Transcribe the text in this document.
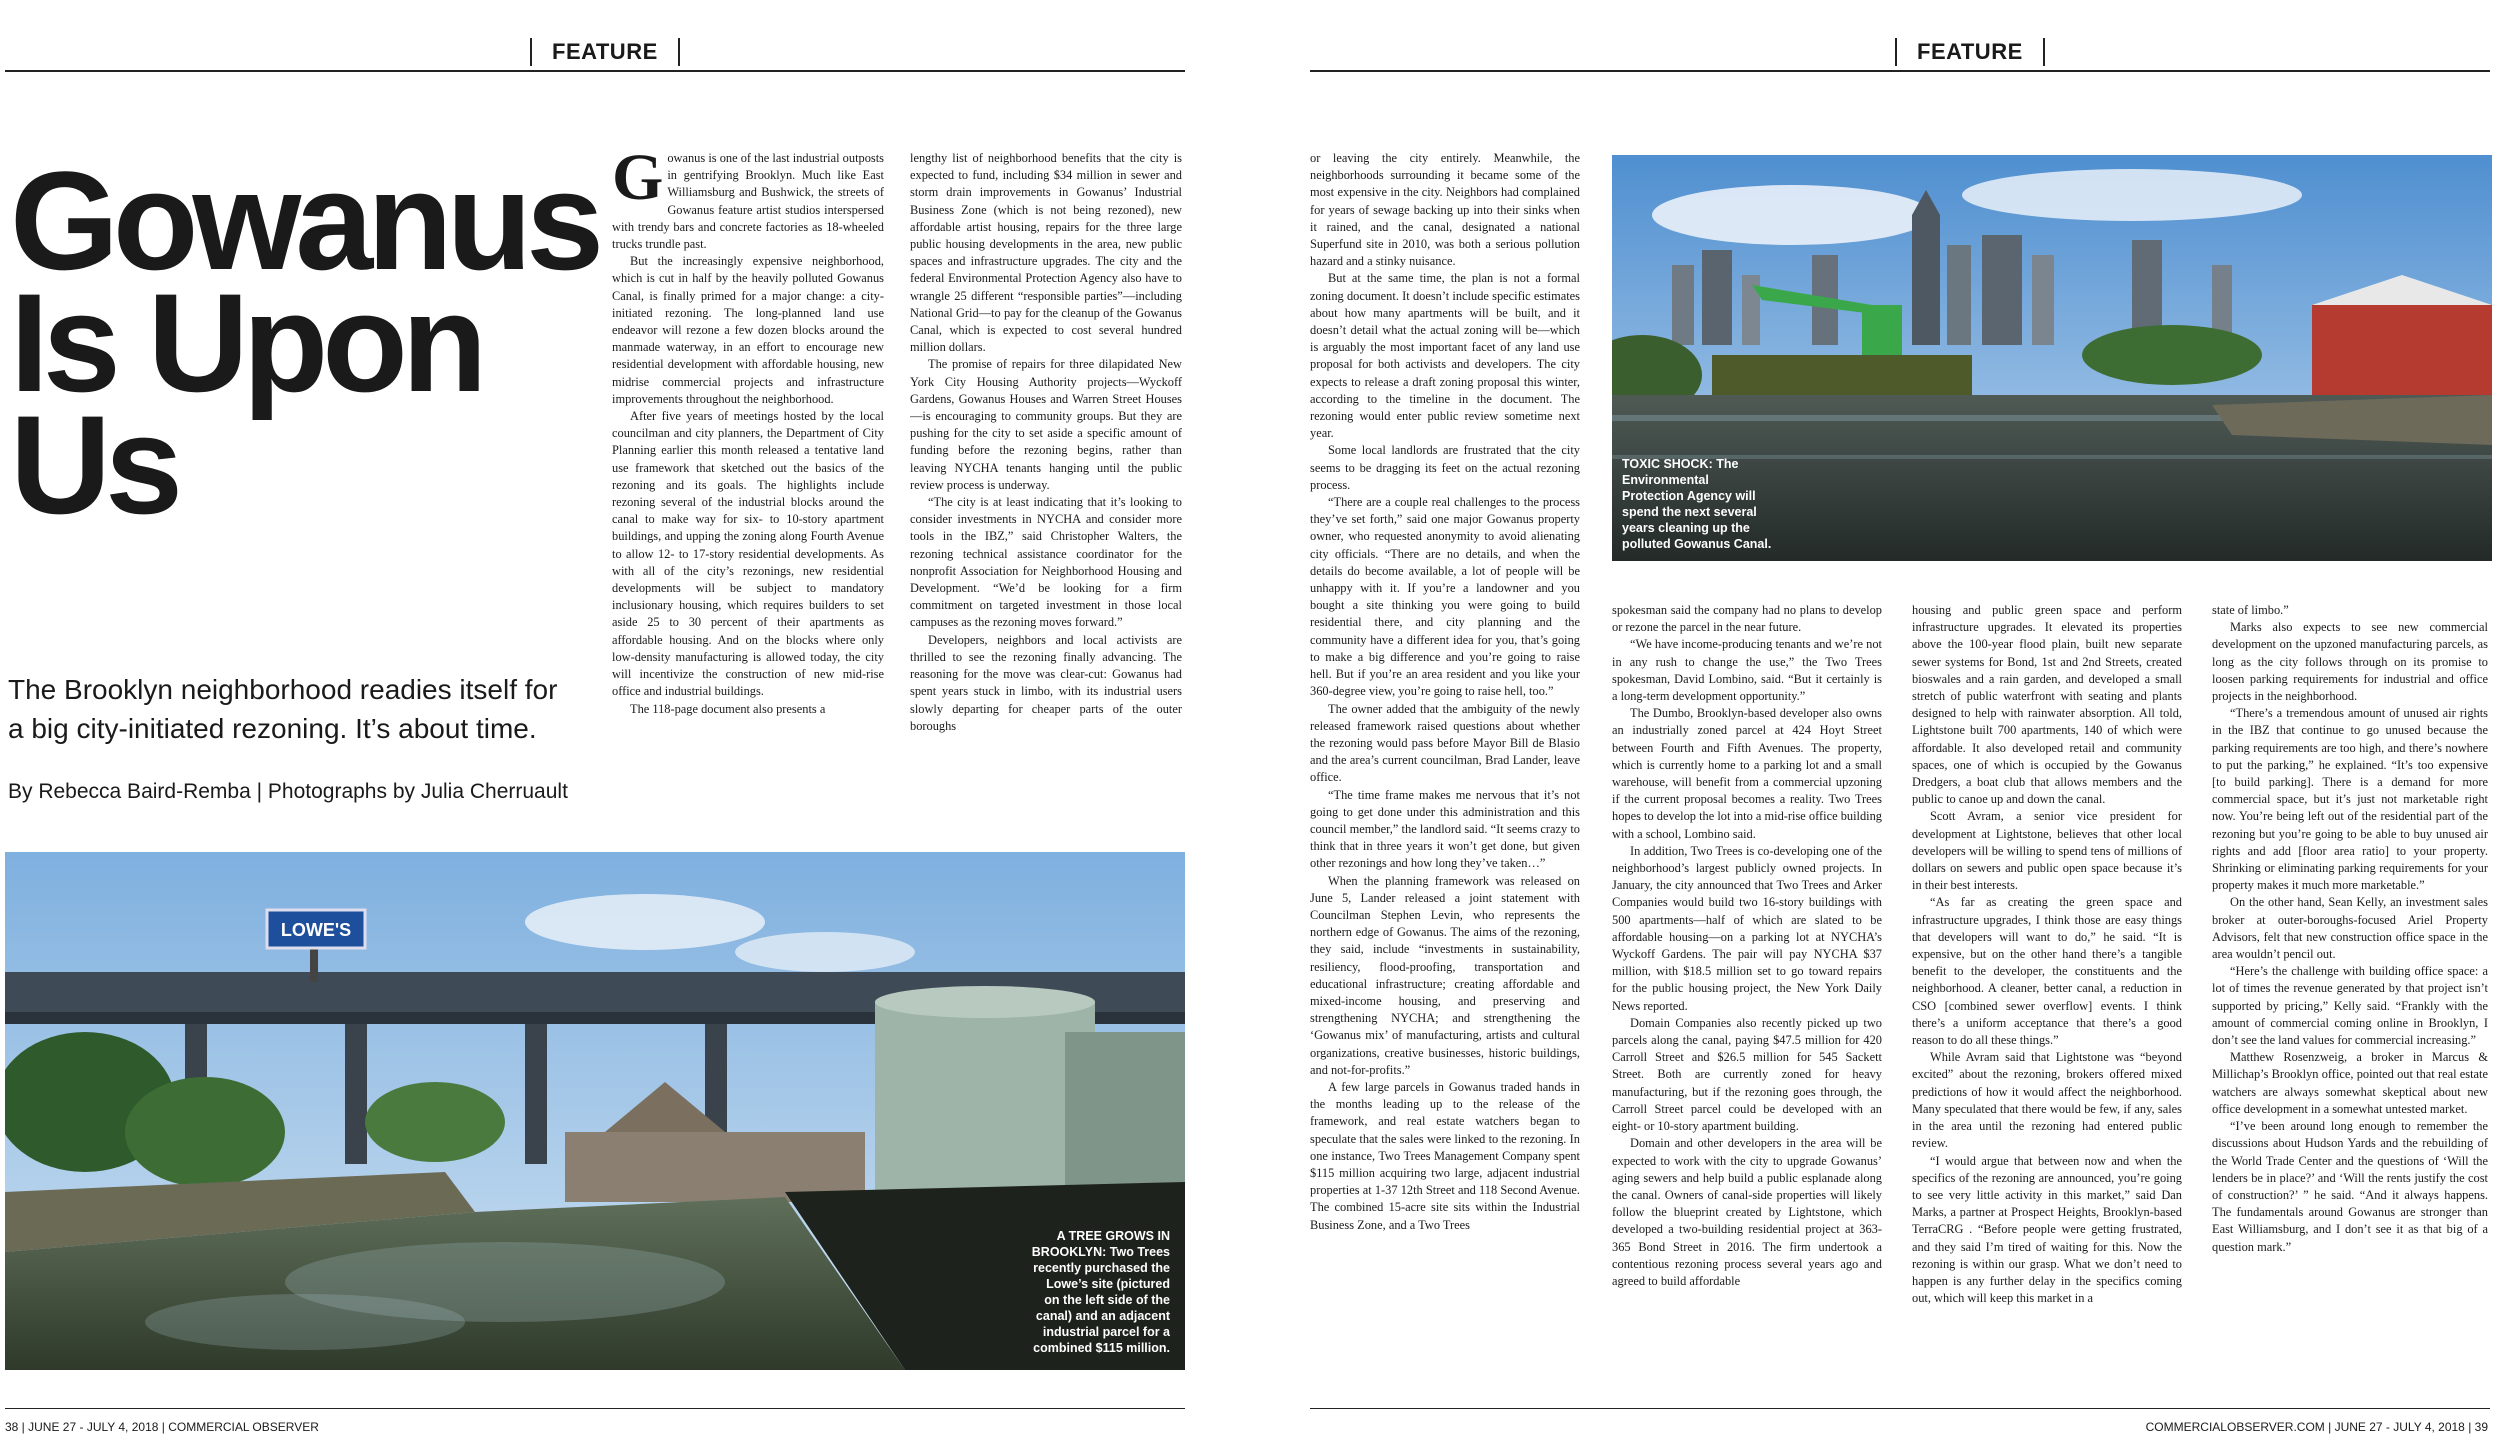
FEATURE
Gowanus
Is Upon
Us
The Brooklyn neighborhood readies itself for a big city-initiated rezoning. It’s about time.
By Rebecca Baird-Remba | Photographs by Julia Cherruault

Gowanus is one of the last industrial outposts in gentrifying Brooklyn. Much like East Williamsburg and Bushwick, the streets of Gowanus feature artist studios interspersed with trendy bars and concrete factories as 18-wheeled trucks trundle past.

But the increasingly expensive neighborhood, which is cut in half by the heavily polluted Gowanus Canal, is finally primed for a major change: a city-initiated rezoning. The long-planned land use endeavor will rezone a few dozen blocks around the manmade waterway, in an effort to encourage new residential development with affordable housing, new midrise commercial projects and infrastructure improvements throughout the neighborhood.

After five years of meetings hosted by the local councilman and city planners, the Department of City Planning earlier this month released a tentative land use framework that sketched out the basics of the rezoning and its goals. The highlights include rezoning several of the industrial blocks around the canal to make way for six- to 10-story apartment buildings, and upping the zoning along Fourth Avenue to allow 12- to 17-story residential developments. As with all of the city’s rezonings, new residential developments will be subject to mandatory inclusionary housing, which requires builders to set aside 25 to 30 percent of their apartments as affordable housing. And on the blocks where only low-density manufacturing is allowed today, the city will incentivize the construction of new mid-rise office and industrial buildings.

The 118-page document also presents a

lengthy list of neighborhood benefits that the city is expected to fund, including $34 million in sewer and storm drain improvements in Gowanus’ Industrial Business Zone (which is not being rezoned), new affordable artist housing, repairs for the three large public housing developments in the area, new public spaces and infrastructure upgrades. The city and the federal Environmental Protection Agency also have to wrangle 25 different “responsible parties”—including National Grid—to pay for the cleanup of the Gowanus Canal, which is expected to cost several hundred million dollars.

The promise of repairs for three dilapidated New York City Housing Authority projects—Wyckoff Gardens, Gowanus Houses and Warren Street Houses—is encouraging to community groups. But they are pushing for the city to set aside a specific amount of funding before the rezoning begins, rather than leaving NYCHA tenants hanging until the public review process is underway.

“The city is at least indicating that it’s looking to consider investments in NYCHA and consider more tools in the IBZ,” said Christopher Walters, the rezoning technical assistance coordinator for the nonprofit Association for Neighborhood Housing and Development. “We’d be looking for a firm commitment on targeted investment in those local campuses as the rezoning moves forward.”

Developers, neighbors and local activists are thrilled to see the rezoning finally advancing. The reasoning for the move was clear-cut: Gowanus had spent years stuck in limbo, with its industrial users slowly departing for cheaper parts of the outer boroughs

LOWE'S
A TREE GROWS IN BROOKLYN: Two Trees recently purchased the Lowe’s site (pictured on the left side of the canal) and an adjacent industrial parcel for a combined $115 million.
38 | JUNE 27 - JULY 4, 2018 | COMMERCIAL OBSERVER
FEATURE

or leaving the city entirely. Meanwhile, the neighborhoods surrounding it became some of the most expensive in the city. Neighbors had complained for years of sewage backing up into their sinks when it rained, and the canal, designated a national Superfund site in 2010, was both a serious pollution hazard and a stinky nuisance.

But at the same time, the plan is not a formal zoning document. It doesn’t include specific estimates about how many apartments will be built, and it doesn’t detail what the actual zoning will be—which is arguably the most important facet of any land use proposal for both activists and developers. The city expects to release a draft zoning proposal this winter, according to the timeline in the document. The rezoning would enter public review sometime next year.

Some local landlords are frustrated that the city seems to be dragging its feet on the actual rezoning process.

“There are a couple real challenges to the process they’ve set forth,” said one major Gowanus property owner, who requested anonymity to avoid alienating city officials. “There are no details, and when the details do become available, a lot of people will be unhappy with it. If you’re a landowner and you bought a site thinking you were going to build residential there, and city planning and the community have a different idea for you, that’s going to make a big difference and you’re going to raise hell. But if you’re an area resident and you like your 360-degree view, you’re going to raise hell, too.”

The owner added that the ambiguity of the newly released framework raised questions about whether the rezoning would pass before Mayor Bill de Blasio and the area’s current councilman, Brad Lander, leave office.

“The time frame makes me nervous that it’s not going to get done under this administration and this council member,” the landlord said. “It seems crazy to think that in three years it won’t get done, but given other rezonings and how long they’ve taken…”

When the planning framework was released on June 5, Lander released a joint statement with Councilman Stephen Levin, who represents the northern edge of Gowanus. The aims of the rezoning, they said, include “investments in sustainability, resiliency, flood-proofing, transportation and educational infrastructure; creating affordable and mixed-income housing, and preserving and strengthening NYCHA; and strengthening the ‘Gowanus mix’ of manufacturing, artists and cultural organizations, creative businesses, historic buildings, and not-for-profits.”

A few large parcels in Gowanus traded hands in the months leading up to the release of the framework, and real estate watchers began to speculate that the sales were linked to the rezoning. In one instance, Two Trees Management Company spent $115 million acquiring two large, adjacent industrial properties at 1-37 12th Street and 118 Second Avenue. The combined 15-acre site sits within the Industrial Business Zone, and a Two Trees

TOXIC SHOCK: The Environmental Protection Agency will spend the next several years cleaning up the polluted Gowanus Canal.

spokesman said the company had no plans to develop or rezone the parcel in the near future.

“We have income-producing tenants and we’re not in any rush to change the use,” the Two Trees spokesman, David Lombino, said. “But it certainly is a long-term development opportunity.”

The Dumbo, Brooklyn-based developer also owns an industrially zoned parcel at 424 Hoyt Street between Fourth and Fifth Avenues. The property, which is currently home to a parking lot and a small warehouse, will benefit from a commercial upzoning if the current proposal becomes a reality. Two Trees hopes to develop the lot into a mid-rise office building with a school, Lombino said.

In addition, Two Trees is co-developing one of the neighborhood’s largest publicly owned projects. In January, the city announced that Two Trees and Arker Companies would build two 16-story buildings with 500 apartments—half of which are slated to be affordable housing—on a parking lot at NYCHA’s Wyckoff Gardens. The pair will pay NYCHA $37 million, with $18.5 million set to go toward repairs for the public housing project, the New York Daily News reported.

Domain Companies also recently picked up two parcels along the canal, paying $47.5 million for 420 Carroll Street and $26.5 million for 545 Sackett Street. Both are currently zoned for heavy manufacturing, but if the rezoning goes through, the Carroll Street parcel could be developed with an eight- or 10-story apartment building.

Domain and other developers in the area will be expected to work with the city to upgrade Gowanus’ aging sewers and help build a public esplanade along the canal. Owners of canal-side properties will likely follow the blueprint created by Lightstone, which developed a two-building residential project at 363-365 Bond Street in 2016. The firm undertook a contentious rezoning process several years ago and agreed to build affordable

housing and public green space and perform infrastructure upgrades. It elevated its properties above the 100-year flood plain, built new separate sewer systems for Bond, 1st and 2nd Streets, created bioswales and a rain garden, and developed a small stretch of public waterfront with seating and plants designed to help with rainwater absorption. All told, Lightstone built 700 apartments, 140 of which were affordable. It also developed retail and community spaces, one of which is occupied by the Gowanus Dredgers, a boat club that allows members and the public to canoe up and down the canal.

Scott Avram, a senior vice president for development at Lightstone, believes that other local developers will be willing to spend tens of millions of dollars on sewers and public open space because it’s in their best interests.

“As far as creating the green space and infrastructure upgrades, I think those are easy things that developers will want to do,” he said. “It is expensive, but on the other hand there’s a tangible benefit to the developer, the constituents and the neighborhood. A cleaner, better canal, a reduction in CSO [combined sewer overflow] events. I think there’s a uniform acceptance that there’s a good reason to do all these things.”

While Avram said that Lightstone was “beyond excited” about the rezoning, brokers offered mixed predictions of how it would affect the neighborhood. Many speculated that there would be few, if any, sales in the area until the rezoning had entered public review.

“I would argue that between now and when the specifics of the rezoning are announced, you’re going to see very little activity in this market,” said Dan Marks, a partner at Prospect Heights, Brooklyn-based TerraCRG . “Before people were getting frustrated, and they said I’m tired of waiting for this. Now the rezoning is within our grasp. What we don’t need to happen is any further delay in the specifics coming out, which will keep this market in a

state of limbo.”

Marks also expects to see new commercial development on the upzoned manufacturing parcels, as long as the city follows through on its promise to loosen parking requirements for industrial and office projects in the neighborhood.

“There’s a tremendous amount of unused air rights in the IBZ that continue to go unused because the parking requirements are too high, and there’s nowhere to put the parking,” he explained. “It’s too expensive [to build parking]. There is a demand for more commercial space, but it’s just not marketable right now. You’re being left out of the residential part of the rezoning but you’re going to be able to buy unused air rights and add [floor area ratio] to your property. Shrinking or eliminating parking requirements for your property makes it much more marketable.”

On the other hand, Sean Kelly, an investment sales broker at outer-boroughs-focused Ariel Property Advisors, felt that new construction office space in the area wouldn’t pencil out.

“Here’s the challenge with building office space: a lot of times the revenue generated by that project isn’t supported by pricing,” Kelly said. “Frankly with the amount of commercial coming online in Brooklyn, I don’t see the land values for commercial increasing.”

Matthew Rosenzweig, a broker in Marcus & Millichap’s Brooklyn office, pointed out that real estate watchers are always somewhat skeptical about new office development in a somewhat untested market.

“I’ve been around long enough to remember the discussions about Hudson Yards and the rebuilding of the World Trade Center and the questions of ‘Will the lenders be in place?’ and ‘Will the rents justify the cost of construction?’ ” he said. “And it always happens. The fundamentals around Gowanus are stronger than East Williamsburg, and I don’t see it as that big of a question mark.”

COMMERCIALOBSERVER.COM | JUNE 27 - JULY 4, 2018 | 39
